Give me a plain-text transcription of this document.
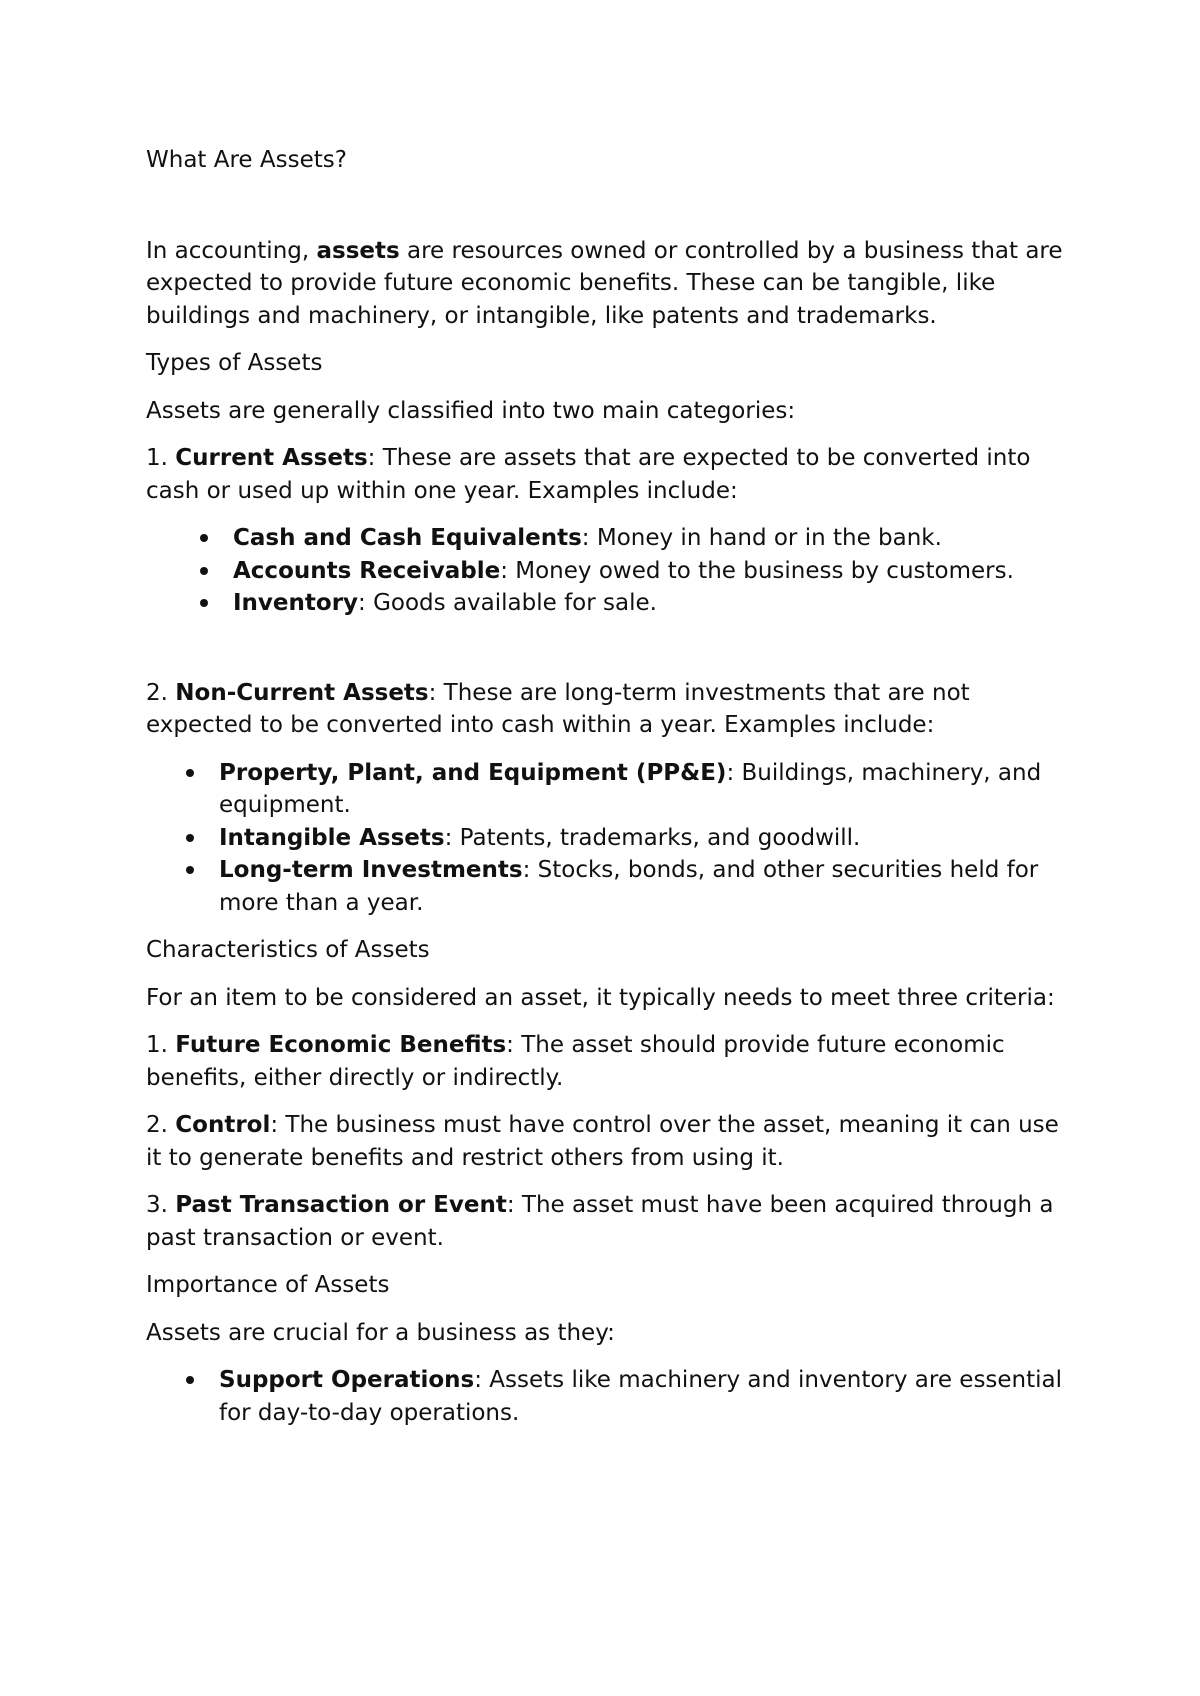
What Are Assets?

In accounting, assets are resources owned or controlled by a business that are expected to provide future economic benefits. These can be tangible, like buildings and machinery, or intangible, like patents and trademarks.

Types of Assets

Assets are generally classified into two main categories:

1. Current Assets: These are assets that are expected to be converted into cash or used up within one year. Examples include:

Cash and Cash Equivalents: Money in hand or in the bank.
Accounts Receivable: Money owed to the business by customers.
Inventory: Goods available for sale.

2. Non-Current Assets: These are long-term investments that are not expected to be converted into cash within a year. Examples include:

Property, Plant, and Equipment (PP&E): Buildings, machinery, and equipment.
Intangible Assets: Patents, trademarks, and goodwill.
Long-term Investments: Stocks, bonds, and other securities held for more than a year.

Characteristics of Assets

For an item to be considered an asset, it typically needs to meet three criteria:

1. Future Economic Benefits: The asset should provide future economic benefits, either directly or indirectly.

2. Control: The business must have control over the asset, meaning it can use it to generate benefits and restrict others from using it.

3. Past Transaction or Event: The asset must have been acquired through a past transaction or event.

Importance of Assets

Assets are crucial for a business as they:

Support Operations: Assets like machinery and inventory are essential for day-to-day operations.
